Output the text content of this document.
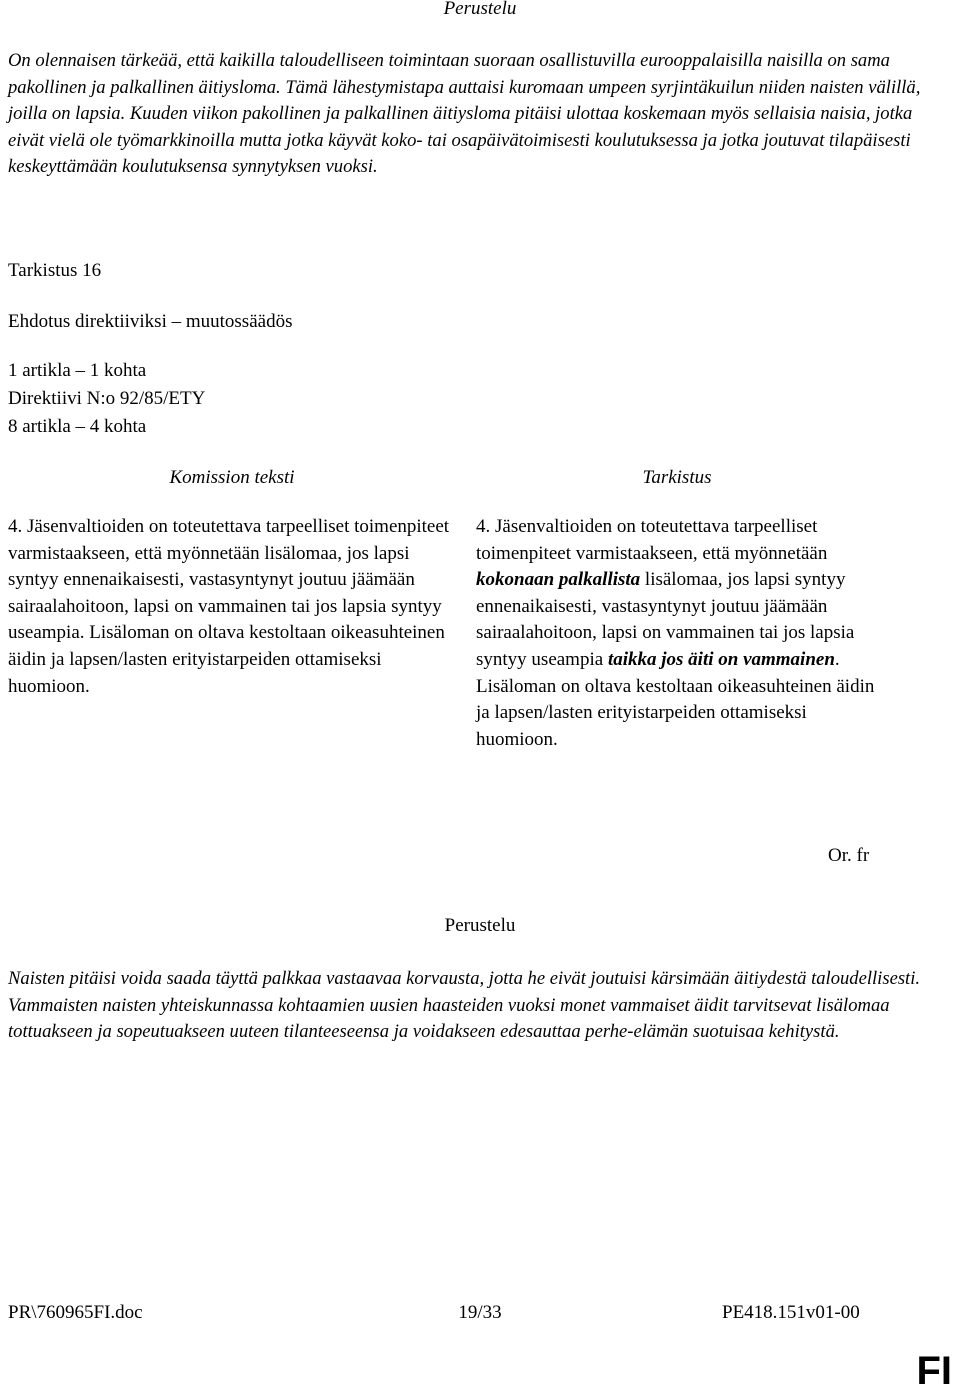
Perustelu

On olennaisen tärkeää, että kaikilla taloudelliseen toimintaan suoraan osallistuvilla eurooppalaisilla naisilla on sama pakollinen ja palkallinen äitiysloma. Tämä lähestymistapa auttaisi kuromaan umpeen syrjintäkuilun niiden naisten välillä, joilla on lapsia. Kuuden viikon pakollinen ja palkallinen äitiysloma pitäisi ulottaa koskemaan myös sellaisia naisia, jotka eivät vielä ole työmarkkinoilla mutta jotka käyvät koko- tai osapäivätoimisesti koulutuksessa ja jotka joutuvat tilapäisesti keskeyttämään koulutuksensa synnytyksen vuoksi.

Tarkistus 16

Ehdotus direktiiviksi – muutossäädös

1 artikla – 1 kohta
Direktiivi N:o 92/85/ETY
8 artikla – 4 kohta

Komission teksti	Tarkistus

4. Jäsenvaltioiden on toteutettava tarpeelliset toimenpiteet varmistaakseen, että myönnetään lisälomaa, jos lapsi syntyy ennenaikaisesti, vastasyntynyt joutuu jäämään sairaalahoitoon, lapsi on vammainen tai jos lapsia syntyy useampia. Lisäloman on oltava kestoltaan oikeasuhteinen äidin ja lapsen/lasten erityistarpeiden ottamiseksi huomioon.

4. Jäsenvaltioiden on toteutettava tarpeelliset toimenpiteet varmistaakseen, että myönnetään kokonaan palkallista lisälomaa, jos lapsi syntyy ennenaikaisesti, vastasyntynyt joutuu jäämään sairaalahoitoon, lapsi on vammainen tai jos lapsia syntyy useampia taikka jos äiti on vammainen. Lisäloman on oltava kestoltaan oikeasuhteinen äidin ja lapsen/lasten erityistarpeiden ottamiseksi huomioon.

Or. fr

Perustelu

Naisten pitäisi voida saada täyttä palkkaa vastaavaa korvausta, jotta he eivät joutuisi kärsimään äitiydestä taloudellisesti. Vammaisten naisten yhteiskunnassa kohtaamien uusien haasteiden vuoksi monet vammaiset äidit tarvitsevat lisälomaa tottuakseen ja sopeutuakseen uuteen tilanteeseensa ja voidakseen edesauttaa perhe-elämän suotuisaa kehitystä.

PR\760965FI.doc	19/33	PE418.151v01-00

FI
